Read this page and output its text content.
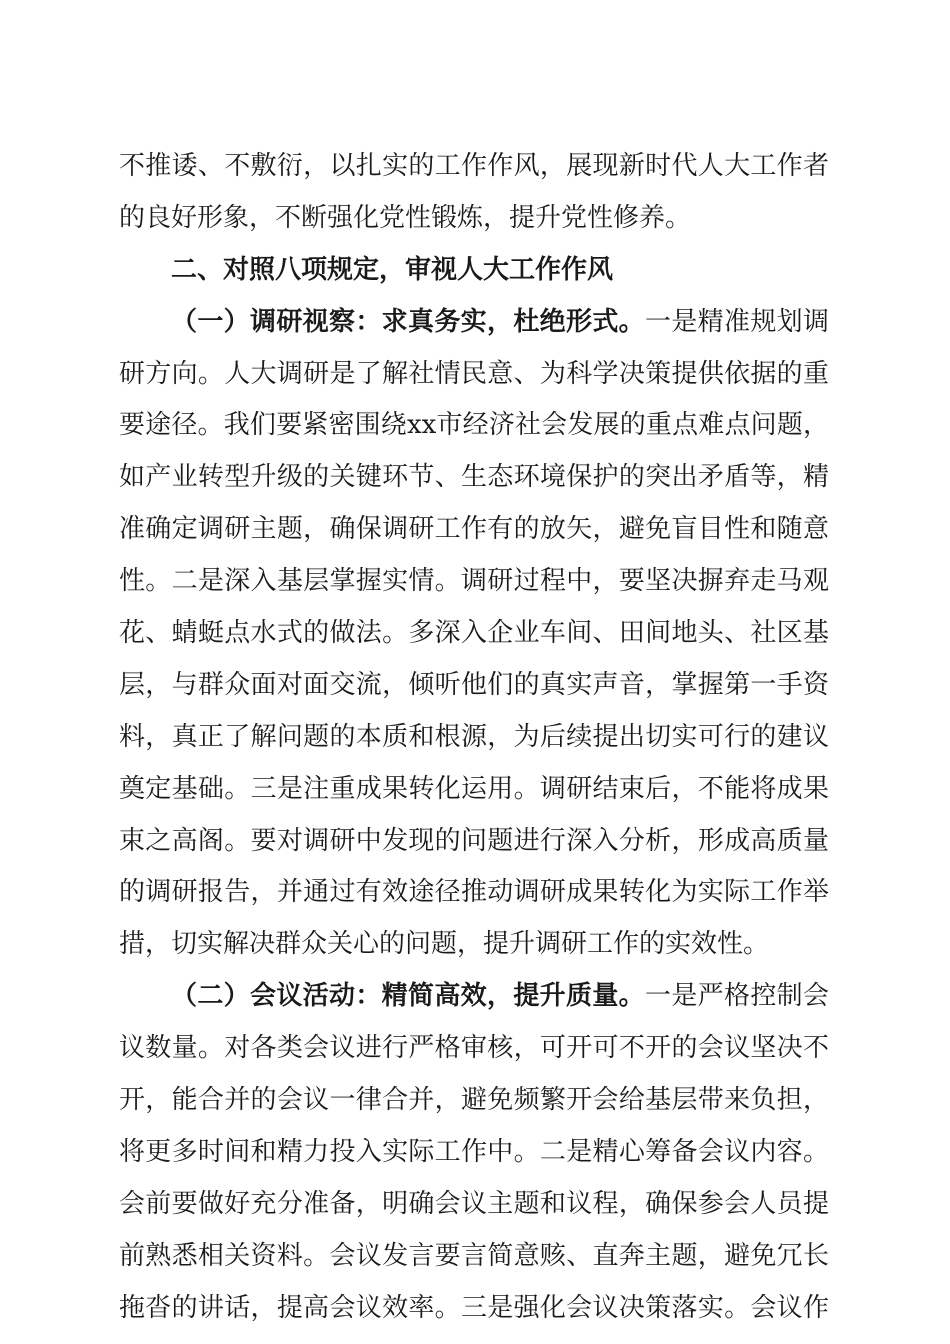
不推诿、不敷衍，以扎实的工作作风，展现新时代人大工作者
的良好形象，不断强化党性锻炼，提升党性修养。
二、对照八项规定，审视人大工作作风
（一）调研视察：求真务实，杜绝形式。一是精准规划调
研方向。人大调研是了解社情民意、为科学决策提供依据的重
要途径。我们要紧密围绕xx市经济社会发展的重点难点问题，
如产业转型升级的关键环节、生态环境保护的突出矛盾等，精
准确定调研主题，确保调研工作有的放矢，避免盲目性和随意
性。二是深入基层掌握实情。调研过程中，要坚决摒弃走马观
花、蜻蜓点水式的做法。多深入企业车间、田间地头、社区基
层，与群众面对面交流，倾听他们的真实声音，掌握第一手资
料，真正了解问题的本质和根源，为后续提出切实可行的建议
奠定基础。三是注重成果转化运用。调研结束后，不能将成果
束之高阁。要对调研中发现的问题进行深入分析，形成高质量
的调研报告，并通过有效途径推动调研成果转化为实际工作举
措，切实解决群众关心的问题，提升调研工作的实效性。
（二）会议活动：精简高效，提升质量。一是严格控制会
议数量。对各类会议进行严格审核，可开可不开的会议坚决不
开，能合并的会议一律合并，避免频繁开会给基层带来负担，
将更多时间和精力投入实际工作中。二是精心筹备会议内容。
会前要做好充分准备，明确会议主题和议程，确保参会人员提
前熟悉相关资料。会议发言要言简意赅、直奔主题，避免冗长
拖沓的讲话，提高会议效率。三是强化会议决策落实。会议作
